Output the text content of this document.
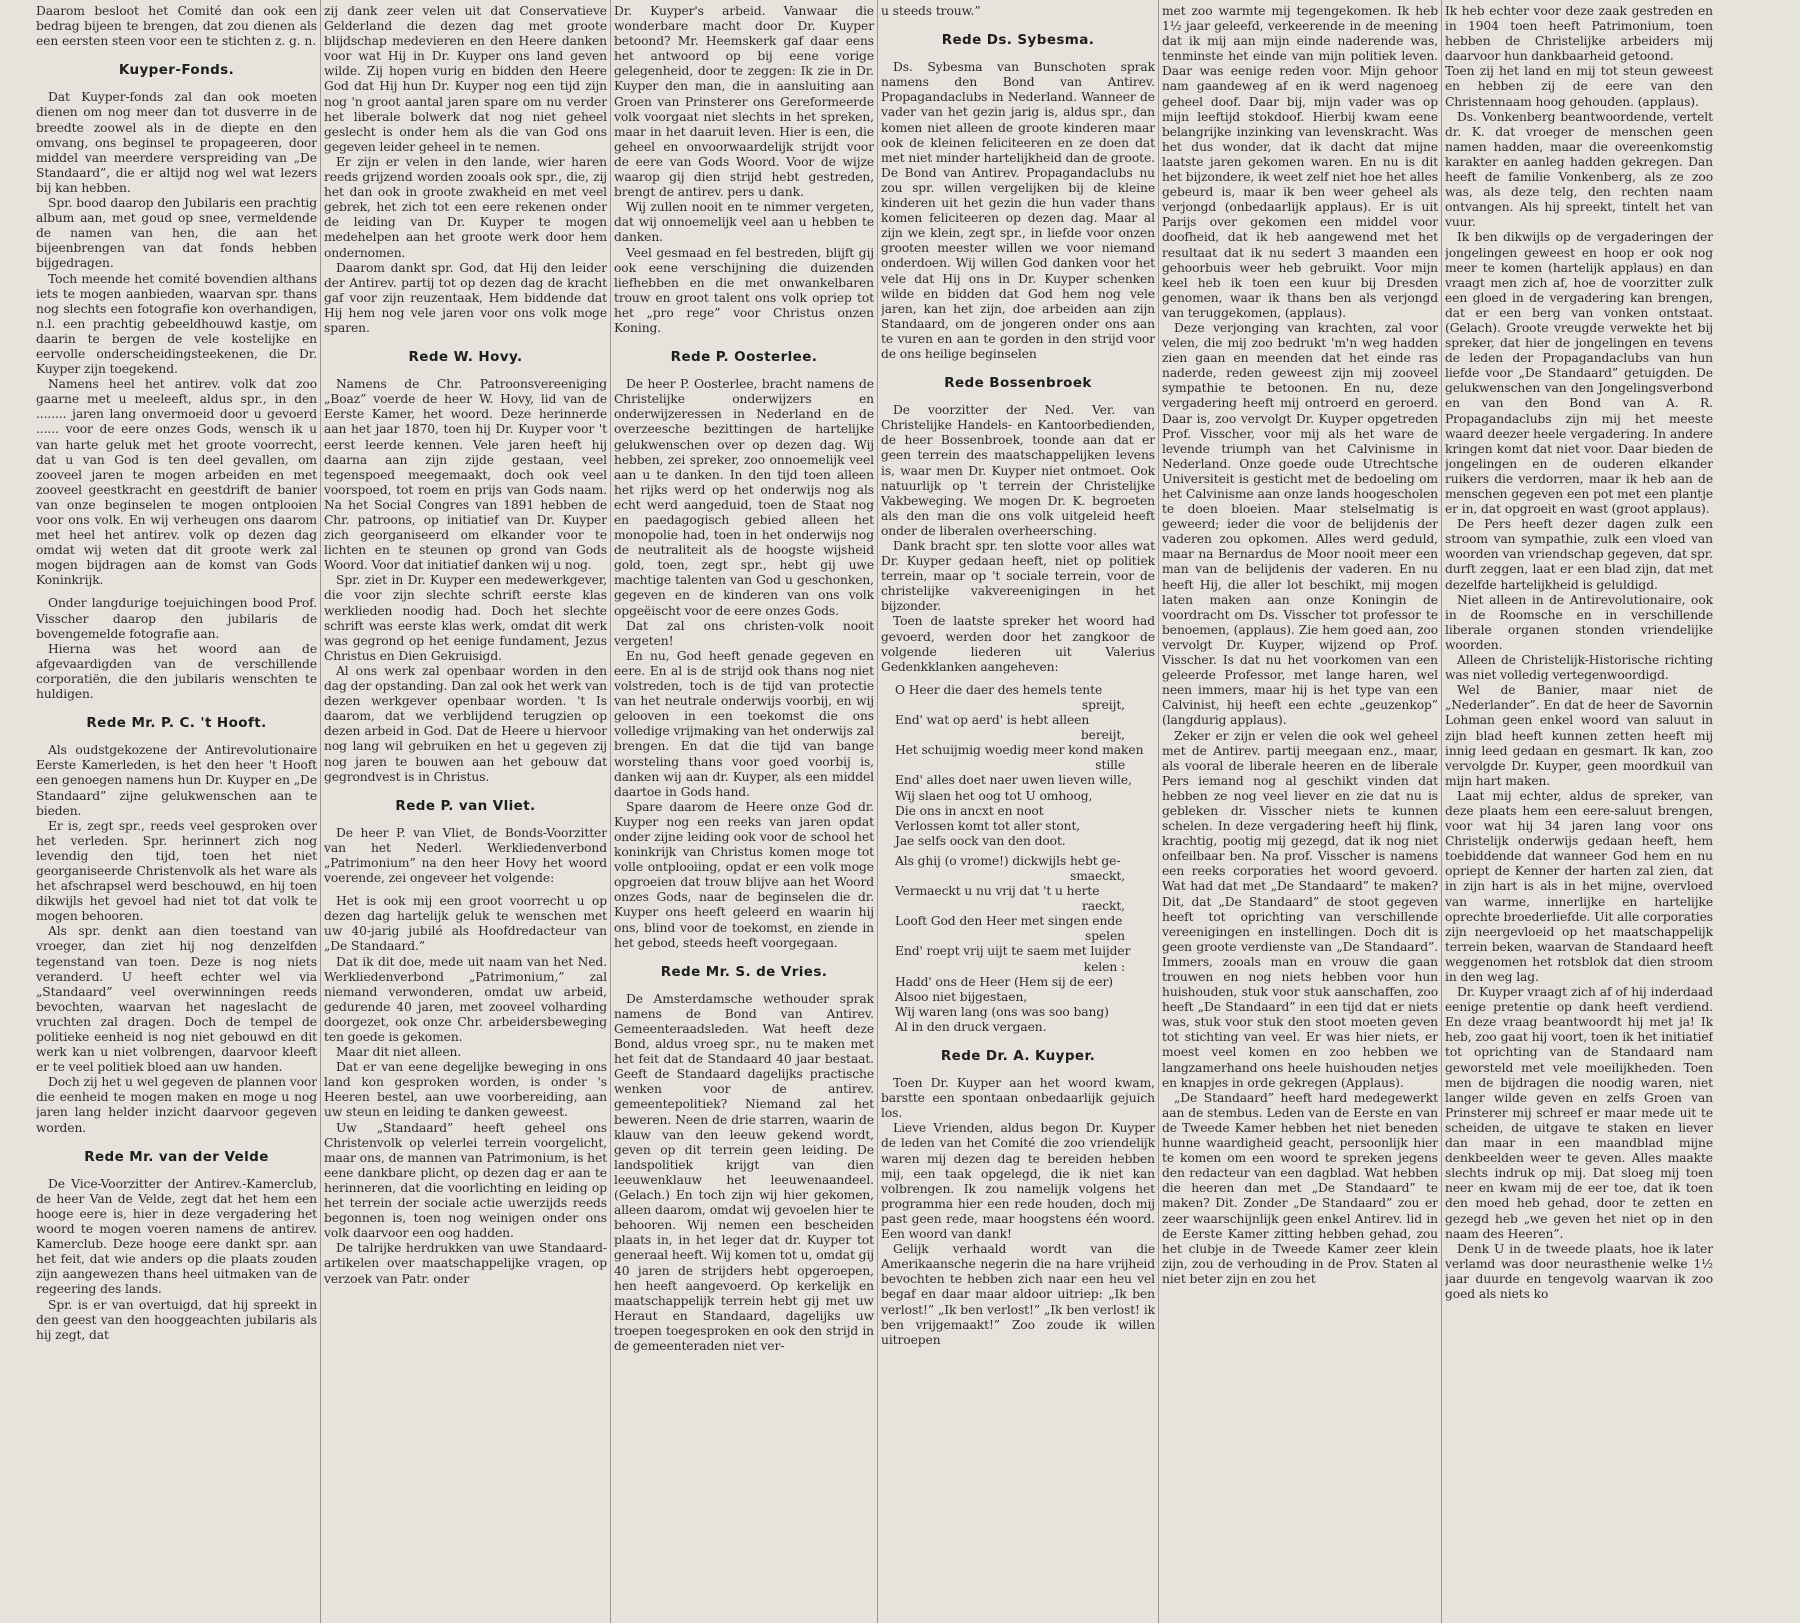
Daarom besloot het Comité dan ook een bedrag bijeen te brengen, dat zou dienen als een eersten steen voor een te stichten z. g. n.

Kuyper-Fonds.

Dat Kuyper-fonds zal dan ook moeten dienen om nog meer dan tot dusverre in de breedte zoowel als in de diepte en den omvang, ons beginsel te propageeren, door middel van meerdere verspreiding van „De Standaard”, die er altijd nog wel wat lezers bij kan hebben.

Spr. bood daarop den Jubilaris een prachtig album aan, met goud op snee, vermeldende de namen van hen, die aan het bijeenbrengen van dat fonds hebben bijgedragen.

Toch meende het comité bovendien althans iets te mogen aanbieden, waarvan spr. thans nog slechts een fotografie kon overhandigen, n.l. een prachtig gebeeldhouwd kastje, om daarin te bergen de vele kostelijke en eervolle onderscheidingsteekenen, die Dr. Kuyper zijn toegekend.

Namens heel het antirev. volk dat zoo gaarne met u meeleeft, aldus spr., in den ........ jaren lang onvermoeid door u gevoerd ...... voor de eere onzes Gods, wensch ik u van harte geluk met het groote voorrecht, dat u van God is ten deel gevallen, om zooveel jaren te mogen arbeiden en met zooveel geestkracht en geestdrift de banier van onze beginselen te mogen ontplooien voor ons volk. En wij verheugen ons daarom met heel het antirev. volk op dezen dag omdat wij weten dat dit groote werk zal mogen bijdragen aan de komst van Gods Koninkrijk.

Onder langdurige toejuichingen bood Prof. Visscher daarop den jubilaris de bovengemelde fotografie aan.

Hierna was het woord aan de afgevaardigden van de verschillende corporatiën, die den jubilaris wenschten te huldigen.

Rede Mr. P. C. 't Hooft.

Als oudstgekozene der Antirevolutionaire Eerste Kamerleden, is het den heer 't Hooft een genoegen namens hun Dr. Kuyper en „De Standaard” zijne gelukwenschen aan te bieden.

Er is, zegt spr., reeds veel gesproken over het verleden. Spr. herinnert zich nog levendig den tijd, toen het niet georganiseerde Christenvolk als het ware als het afschrapsel werd beschouwd, en hij toen dikwijls het gevoel had niet tot dat volk te mogen behooren.

Als spr. denkt aan dien toestand van vroeger, dan ziet hij nog denzelfden tegenstand van toen. Deze is nog niets veranderd. U heeft echter wel via „Standaard” veel overwinningen reeds bevochten, waarvan het nageslacht de vruchten zal dragen. Doch de tempel de politieke eenheid is nog niet gebouwd en dit werk kan u niet volbrengen, daarvoor kleeft er te veel politiek bloed aan uw handen.

Doch zij het u wel gegeven de plannen voor die eenheid te mogen maken en moge u nog jaren lang helder inzicht daarvoor gegeven worden.

Rede Mr. van der Velde

De Vice-Voorzitter der Antirev.-Kamerclub, de heer Van de Velde, zegt dat het hem een hooge eere is, hier in deze vergadering het woord te mogen voeren namens de antirev. Kamerclub. Deze hooge eere dankt spr. aan het feit, dat wie anders op die plaats zouden zijn aangewezen thans heel uitmaken van de regeering des lands.

Spr. is er van overtuigd, dat hij spreekt in den geest van den hooggeachten jubilaris als hij zegt, dat

zij dank zeer velen uit dat Conservatieve Gelderland die dezen dag met groote blijdschap medevieren en den Heere danken voor wat Hij in Dr. Kuyper ons land geven wilde. Zij hopen vurig en bidden den Heere God dat Hij hun Dr. Kuyper nog een tijd zijn nog 'n groot aantal jaren spare om nu verder het liberale bolwerk dat nog niet geheel geslecht is onder hem als die van God ons gegeven leider geheel in te nemen.

Er zijn er velen in den lande, wier haren reeds grijzend worden zooals ook spr., die, zij het dan ook in groote zwakheid en met veel gebrek, het zich tot een eere rekenen onder de leiding van Dr. Kuyper te mogen medehelpen aan het groote werk door hem ondernomen.

Daarom dankt spr. God, dat Hij den leider der Antirev. partij tot op dezen dag de kracht gaf voor zijn reuzentaak, Hem biddende dat Hij hem nog vele jaren voor ons volk moge sparen.

Rede W. Hovy.

Namens de Chr. Patroonsvereeniging „Boaz” voerde de heer W. Hovy, lid van de Eerste Kamer, het woord. Deze herinnerde aan het jaar 1870, toen hij Dr. Kuyper voor 't eerst leerde kennen. Vele jaren heeft hij daarna aan zijn zijde gestaan, veel tegenspoed meegemaakt, doch ook veel voorspoed, tot roem en prijs van Gods naam. Na het Social Congres van 1891 hebben de Chr. patroons, op initiatief van Dr. Kuyper zich georganiseerd om elkander voor te lichten en te steunen op grond van Gods Woord. Voor dat initiatief danken wij u nog.

Spr. ziet in Dr. Kuyper een medewerkgever, die voor zijn slechte schrift eerste klas werklieden noodig had. Doch het slechte schrift was eerste klas werk, omdat dit werk was gegrond op het eenige fundament, Jezus Christus en Dien Gekruisigd.

Al ons werk zal openbaar worden in den dag der opstanding. Dan zal ook het werk van dezen werkgever openbaar worden. 't Is daarom, dat we verblijdend terugzien op dezen arbeid in God. Dat de Heere u hiervoor nog lang wil gebruiken en het u gegeven zij nog jaren te bouwen aan het gebouw dat gegrondvest is in Christus.

Rede P. van Vliet.

De heer P. van Vliet, de Bonds-Voorzitter van het Nederl. Werkliedenverbond „Patrimonium” na den heer Hovy het woord voerende, zei ongeveer het volgende:

Het is ook mij een groot voorrecht u op dezen dag hartelijk geluk te wenschen met uw 40-jarig jubilé als Hoofdredacteur van „De Standaard.”

Dat ik dit doe, mede uit naam van het Ned. Werkliedenverbond „Patrimonium,” zal niemand verwonderen, omdat uw arbeid, gedurende 40 jaren, met zooveel volharding doorgezet, ook onze Chr. arbeidersbeweging ten goede is gekomen.

Maar dit niet alleen.

Dat er van eene degelijke beweging in ons land kon gesproken worden, is onder 's Heeren bestel, aan uwe voorbereiding, aan uw steun en leiding te danken geweest.

Uw „Standaard” heeft geheel ons Christenvolk op velerlei terrein voorgelicht, maar ons, de mannen van Patrimonium, is het eene dankbare plicht, op dezen dag er aan te herinneren, dat die voorlichting en leiding op het terrein der sociale actie uwerzijds reeds begonnen is, toen nog weinigen onder ons volk daarvoor een oog hadden.

De talrijke herdrukken van uwe Standaard-artikelen over maatschappelijke vragen, op verzoek van Patr. onder

Dr. Kuyper's arbeid. Vanwaar die wonderbare macht door Dr. Kuyper betoond? Mr. Heemskerk gaf daar eens het antwoord op bij eene vorige gelegenheid, door te zeggen: Ik zie in Dr. Kuyper den man, die in aansluiting aan Groen van Prinsterer ons Gereformeerde volk voorgaat niet slechts in het spreken, maar in het daaruit leven. Hier is een, die geheel en onvoorwaardelijk strijdt voor de eere van Gods Woord. Voor de wijze waarop gij dien strijd hebt gestreden, brengt de antirev. pers u dank.

Wij zullen nooit en te nimmer vergeten, dat wij onnoemelijk veel aan u hebben te danken.

Veel gesmaad en fel bestreden, blijft gij ook eene verschijning die duizenden liefhebben en die met onwankelbaren trouw en groot talent ons volk opriep tot het „pro rege” voor Christus onzen Koning.

Rede P. Oosterlee.

De heer P. Oosterlee, bracht namens de Christelijke onderwijzers en onderwijzeressen in Nederland en de overzeesche bezittingen de hartelijke gelukwenschen over op dezen dag. Wij hebben, zei spreker, zoo onnoemelijk veel aan u te danken. In den tijd toen alleen het rijks werd op het onderwijs nog als echt werd aangeduid, toen de Staat nog en paedagogisch gebied alleen het monopolie had, toen in het onderwijs nog de neutraliteit als de hoogste wijsheid gold, toen, zegt spr., hebt gij uwe machtige talenten van God u geschonken, gegeven en de kinderen van ons volk opgeëischt voor de eere onzes Gods.

Dat zal ons christen-volk nooit vergeten!

En nu, God heeft genade gegeven en eere. En al is de strijd ook thans nog niet volstreden, toch is de tijd van protectie van het neutrale onderwijs voorbij, en wij gelooven in een toekomst die ons volledige vrijmaking van het onderwijs zal brengen. En dat die tijd van bange worsteling thans voor goed voorbij is, danken wij aan dr. Kuyper, als een middel daartoe in Gods hand.

Spare daarom de Heere onze God dr. Kuyper nog een reeks van jaren opdat onder zijne leiding ook voor de school het koninkrijk van Christus komen moge tot volle ontplooiing, opdat er een volk moge opgroeien dat trouw blijve aan het Woord onzes Gods, naar de beginselen die dr. Kuyper ons heeft geleerd en waarin hij ons, blind voor de toekomst, en ziende in het gebod, steeds heeft voorgegaan.

Rede Mr. S. de Vries.

De Amsterdamsche wethouder sprak namens de Bond van Antirev. Gemeenteraadsleden. Wat heeft deze Bond, aldus vroeg spr., nu te maken met het feit dat de Standaard 40 jaar bestaat. Geeft de Standaard dagelijks practische wenken voor de antirev. gemeentepolitiek? Niemand zal het beweren. Neen de drie starren, waarin de klauw van den leeuw gekend wordt, geven op dit terrein geen leiding. De landspolitiek krijgt van dien leeuwenklauw het leeuwenaandeel. (Gelach.) En toch zijn wij hier gekomen, alleen daarom, omdat wij gevoelen hier te behooren. Wij nemen een bescheiden plaats in, in het leger dat dr. Kuyper tot generaal heeft. Wij komen tot u, omdat gij 40 jaren de strijders hebt opgeroepen, hen heeft aangevoerd. Op kerkelijk en maatschappelijk terrein hebt gij met uw Heraut en Standaard, dagelijks uw troepen toegesproken en ook den strijd in de gemeenteraden niet ver-

u steeds trouw.”

Rede Ds. Sybesma.

Ds. Sybesma van Bunschoten sprak namens den Bond van Antirev. Propagandaclubs in Nederland. Wanneer de vader van het gezin jarig is, aldus spr., dan komen niet alleen de groote kinderen maar ook de kleinen feliciteeren en ze doen dat met niet minder hartelijkheid dan de groote. De Bond van Antirev. Propagandaclubs nu zou spr. willen vergelijken bij de kleine kinderen uit het gezin die hun vader thans komen feliciteeren op dezen dag. Maar al zijn we klein, zegt spr., in liefde voor onzen grooten meester willen we voor niemand onderdoen. Wij willen God danken voor het vele dat Hij ons in Dr. Kuyper schenken wilde en bidden dat God hem nog vele jaren, kan het zijn, doe arbeiden aan zijn Standaard, om de jongeren onder ons aan te vuren en aan te gorden in den strijd voor de ons heilige beginselen

Rede Bossenbroek

De voorzitter der Ned. Ver. van Christelijke Handels- en Kantoorbedienden, de heer Bossenbroek, toonde aan dat er geen terrein des maatschappelijken levens is, waar men Dr. Kuyper niet ontmoet. Ook natuurlijk op 't terrein der Christelijke Vakbeweging. We mogen Dr. K. begroeten als den man die ons volk uitgeleid heeft onder de liberalen overheersching.

Dank bracht spr. ten slotte voor alles wat Dr. Kuyper gedaan heeft, niet op politiek terrein, maar op 't sociale terrein, voor de christelijke vakvereenigingen in het bijzonder.

Toen de laatste spreker het woord had gevoerd, werden door het zangkoor de volgende liederen uit Valerius Gedenkklanken aangeheven:

O Heer die daer des hemels tente

spreijt,

End' wat op aerd' is hebt alleen

bereijt,

Het schuijmig woedig meer kond maken

stille

End' alles doet naer uwen lieven wille,

Wij slaen het oog tot U omhoog,

Die ons in ancxt en noot

Verlossen komt tot aller stont,

Jae selfs oock van den doot.

Als ghij (o vrome!) dickwijls hebt ge-

smaeckt,

Vermaeckt u nu vrij dat 't u herte

raeckt,

Looft God den Heer met singen ende

spelen

End' roept vrij uijt te saem met luijder

kelen :

Hadd' ons de Heer (Hem sij de eer)

Alsoo niet bijgestaen,

Wij waren lang (ons was soo bang)

Al in den druck vergaen.

Rede Dr. A. Kuyper.

Toen Dr. Kuyper aan het woord kwam, barstte een spontaan onbedaarlijk gejuich los.

Lieve Vrienden, aldus begon Dr. Kuyper de leden van het Comité die zoo vriendelijk waren mij dezen dag te bereiden hebben mij, een taak opgelegd, die ik niet kan volbrengen. Ik zou namelijk volgens het programma hier een rede houden, doch mij past geen rede, maar hoogstens één woord. Een woord van dank!

Gelijk verhaald wordt van die Amerikaansche negerin die na hare vrijheid bevochten te hebben zich naar een heu vel begaf en daar maar aldoor uitriep: „Ik ben verlost!” „Ik ben verlost!” „Ik ben verlost! ik ben vrijgemaakt!” Zoo zoude ik willen uitroepen

met zoo warmte mij tegengekomen. Ik heb 1½ jaar geleefd, verkeerende in de meening dat ik mij aan mijn einde naderende was, tenminste het einde van mijn politiek leven. Daar was eenige reden voor. Mijn gehoor nam gaandeweg af en ik werd nagenoeg geheel doof. Daar bij, mijn vader was op mijn leeftijd stokdoof. Hierbij kwam eene belangrijke inzinking van levenskracht. Was het dus wonder, dat ik dacht dat mijne laatste jaren gekomen waren. En nu is dit het bijzondere, ik weet zelf niet hoe het alles gebeurd is, maar ik ben weer geheel als verjongd (onbedaarlijk applaus). Er is uit Parijs over gekomen een middel voor doofheid, dat ik heb aangewend met het resultaat dat ik nu sedert 3 maanden een gehoorbuis weer heb gebruikt. Voor mijn keel heb ik toen een kuur bij Dresden genomen, waar ik thans ben als verjongd van teruggekomen, (applaus).

Deze verjonging van krachten, zal voor velen, die mij zoo bedrukt 'm'n weg hadden zien gaan en meenden dat het einde ras naderde, reden geweest zijn mij zooveel sympathie te betoonen. En nu, deze vergadering heeft mij ontroerd en geroerd. Daar is, zoo vervolgt Dr. Kuyper opgetreden Prof. Visscher, voor mij als het ware de levende triumph van het Calvinisme in Nederland. Onze goede oude Utrechtsche Universiteit is gesticht met de bedoeling om het Calvinisme aan onze lands hoogescholen te doen bloeien. Maar stelselmatig is geweerd; ieder die voor de belijdenis der vaderen zou opkomen. Alles werd geduld, maar na Bernardus de Moor nooit meer een man van de belijdenis der vaderen. En nu heeft Hij, die aller lot beschikt, mij mogen laten maken aan onze Koningin de voordracht om Ds. Visscher tot professor te benoemen, (applaus). Zie hem goed aan, zoo vervolgt Dr. Kuyper, wijzend op Prof. Visscher. Is dat nu het voorkomen van een geleerde Professor, met lange haren, wel neen immers, maar hij is het type van een Calvinist, hij heeft een echte „geuzenkop” (langdurig applaus).

Zeker er zijn er velen die ook wel geheel met de Antirev. partij meegaan enz., maar, als vooral de liberale heeren en de liberale Pers iemand nog al geschikt vinden dat hebben ze nog veel liever en zie dat nu is gebleken dr. Visscher niets te kunnen schelen. In deze vergadering heeft hij flink, krachtig, pootig mij gezegd, dat ik nog niet onfeilbaar ben. Na prof. Visscher is namens een reeks corporaties het woord gevoerd. Wat had dat met „De Standaard” te maken? Dit, dat „De Standaard” de stoot gegeven heeft tot oprichting van verschillende vereenigingen en instellingen. Doch dit is geen groote verdienste van „De Standaard”. Immers, zooals man en vrouw die gaan trouwen en nog niets hebben voor hun huishouden, stuk voor stuk aanschaffen, zoo heeft „De Standaard” in een tijd dat er niets was, stuk voor stuk den stoot moeten geven tot stichting van veel. Er was hier niets, er moest veel komen en zoo hebben we langzamerhand ons heele huishouden netjes en knapjes in orde gekregen (Applaus).

„De Standaard” heeft hard medegewerkt aan de stembus. Leden van de Eerste en van de Tweede Kamer hebben het niet beneden hunne waardigheid geacht, persoonlijk hier te komen om een woord te spreken jegens den redacteur van een dagblad. Wat hebben die heeren dan met „De Standaard” te maken? Dit. Zonder „De Standaard” zou er zeer waarschijnlijk geen enkel Antirev. lid in de Eerste Kamer zitting hebben gehad, zou het clubje in de Tweede Kamer zeer klein zijn, zou de verhouding in de Prov. Staten al niet beter zijn en zou het

Ik heb echter voor deze zaak gestreden en in 1904 toen heeft Patrimonium, toen hebben de Christelijke arbeiders mij daarvoor hun dankbaarheid getoond.

Toen zij het land en mij tot steun geweest en hebben zij de eere van den Christennaam hoog gehouden. (applaus).

Ds. Vonkenberg beantwoordende, vertelt dr. K. dat vroeger de menschen geen namen hadden, maar die overeenkomstig karakter en aanleg hadden gekregen. Dan heeft de familie Vonkenberg, als ze zoo was, als deze telg, den rechten naam ontvangen. Als hij spreekt, tintelt het van vuur.

Ik ben dikwijls op de vergaderingen der jongelingen geweest en hoop er ook nog meer te komen (hartelijk applaus) en dan vraagt men zich af, hoe de voorzitter zulk een gloed in de vergadering kan brengen, dat er een berg van vonken ontstaat. (Gelach). Groote vreugde verwekte het bij spreker, dat hier de jongelingen en tevens de leden der Propagandaclubs van hun liefde voor „De Standaard” getuigden. De gelukwenschen van den Jongelingsverbond en van den Bond van A. R. Propagandaclubs zijn mij het meeste waard deezer heele vergadering. In andere kringen komt dat niet voor. Daar bieden de jongelingen en de ouderen elkander ruikers die verdorren, maar ik heb aan de menschen gegeven een pot met een plantje er in, dat opgroeit en wast (groot applaus).

De Pers heeft dezer dagen zulk een stroom van sympathie, zulk een vloed van woorden van vriendschap gegeven, dat spr. durft zeggen, laat er een blad zijn, dat met dezelfde hartelijkheid is geluldigd.

Niet alleen in de Antirevolutionaire, ook in de Roomsche en in verschillende liberale organen stonden vriendelijke woorden.

Alleen de Christelijk-Historische richting was niet volledig vertegenwoordigd.

Wel de Banier, maar niet de „Nederlander”. En dat de heer de Savornin Lohman geen enkel woord van saluut in zijn blad heeft kunnen zetten heeft mij innig leed gedaan en gesmart. Ik kan, zoo vervolgde Dr. Kuyper, geen moordkuil van mijn hart maken.

Laat mij echter, aldus de spreker, van deze plaats hem een eere-saluut brengen, voor wat hij 34 jaren lang voor ons Christelijk onderwijs gedaan heeft, hem toebiddende dat wanneer God hem en nu opriept de Kenner der harten zal zien, dat in zijn hart is als in het mijne, overvloed van warme, innerlijke en hartelijke oprechte broederliefde. Uit alle corporaties zijn neergevloeid op het maatschappelijk terrein beken, waarvan de Standaard heeft weggenomen het rotsblok dat dien stroom in den weg lag.

Dr. Kuyper vraagt zich af of hij inderdaad eenige pretentie op dank heeft verdiend. En deze vraag beantwoordt hij met ja! Ik heb, zoo gaat hij voort, toen ik het initiatief tot oprichting van de Standaard nam geworsteld met vele moeilijkheden. Toen men de bijdragen die noodig waren, niet langer wilde geven en zelfs Groen van Prinsterer mij schreef er maar mede uit te scheiden, de uitgave te staken en liever dan maar in een maandblad mijne denkbeelden weer te geven. Alles maakte slechts indruk op mij. Dat sloeg mij toen neer en kwam mij de eer toe, dat ik toen den moed heb gehad, door te zetten en gezegd heb „we geven het niet op in den naam des Heeren”.

Denk U in de tweede plaats, hoe ik later verlamd was door neurasthenie welke 1½ jaar duurde en tengevolg waarvan ik zoo goed als niets ko
